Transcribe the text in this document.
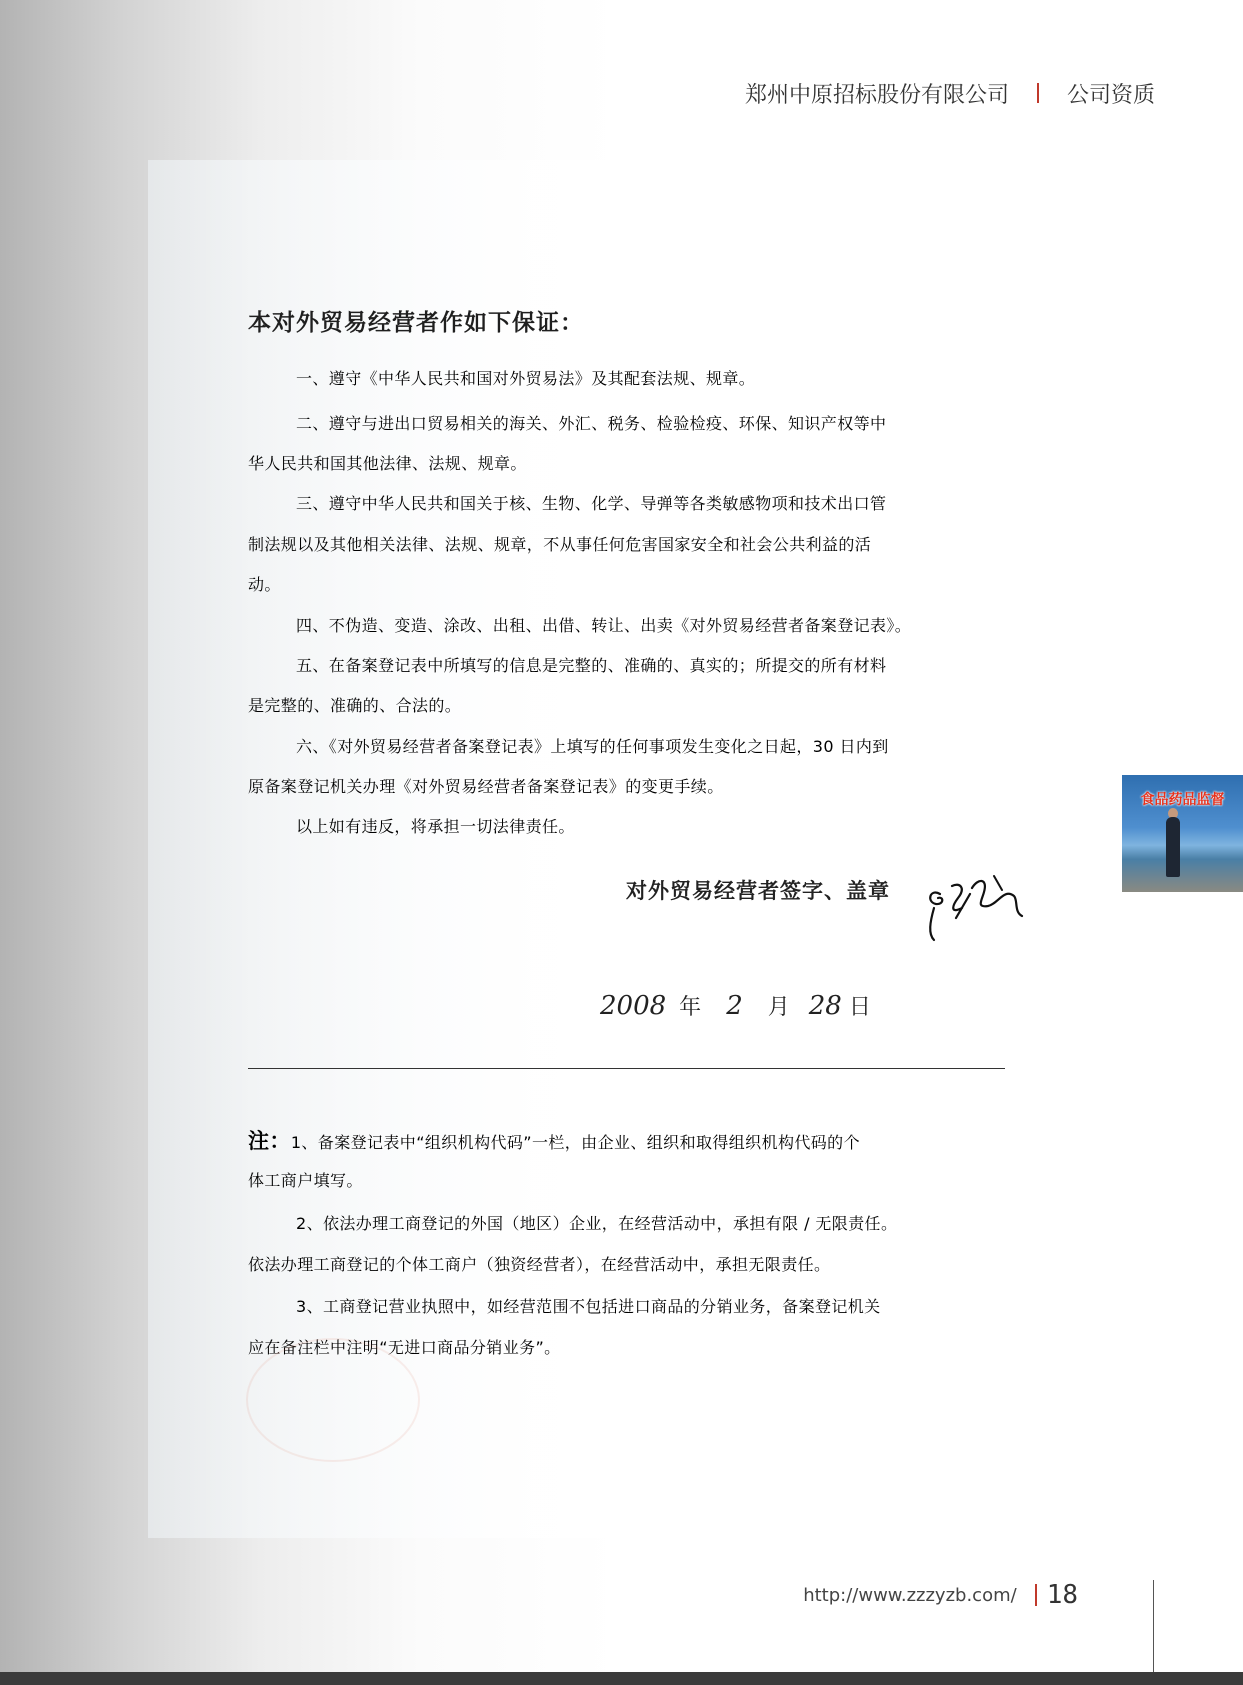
郑州中原招标股份有限公司	公司资质
本对外贸易经营者作如下保证：
一、遵守《中华人民共和国对外贸易法》及其配套法规、规章。
二、遵守与进出口贸易相关的海关、外汇、税务、检验检疫、环保、知识产权等中
华人民共和国其他法律、法规、规章。
三、遵守中华人民共和国关于核、生物、化学、导弹等各类敏感物项和技术出口管
制法规以及其他相关法律、法规、规章，不从事任何危害国家安全和社会公共利益的活
动。
四、不伪造、变造、涂改、出租、出借、转让、出卖《对外贸易经营者备案登记表》。
五、在备案登记表中所填写的信息是完整的、准确的、真实的；所提交的所有材料
是完整的、准确的、合法的。
六、《对外贸易经营者备案登记表》上填写的任何事项发生变化之日起，30 日内到
原备案登记机关办理《对外贸易经营者备案登记表》的变更手续。
以上如有违反，将承担一切法律责任。
对外贸易经营者签字、盖章
2008 年 2 月 28 日
注：1、备案登记表中“组织机构代码”一栏，由企业、组织和取得组织机构代码的个
体工商户填写。
2、依法办理工商登记的外国（地区）企业，在经营活动中，承担有限 / 无限责任。
依法办理工商登记的个体工商户（独资经营者），在经营活动中，承担无限责任。
3、工商登记营业执照中，如经营范围不包括进口商品的分销业务，备案登记机关
应在备注栏中注明“无进口商品分销业务”。
食品药品监督
http://www.zzzyzb.com/ 18
